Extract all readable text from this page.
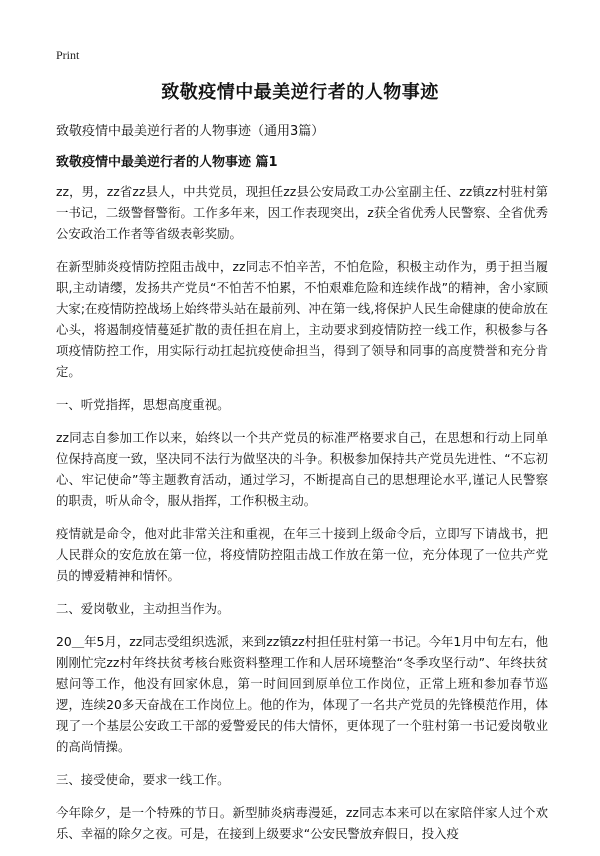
Print
致敬疫情中最美逆行者的人物事迹
致敬疫情中最美逆行者的人物事迹（通用3篇）
致敬疫情中最美逆行者的人物事迹 篇1

zz，男，zz省zz县人，中共党员，现担任zz县公安局政工办公室副主任、zz镇zz村驻村第一书记，二级警督警衔。工作多年来，因工作表现突出，z获全省优秀人民警察、全省优秀公安政治工作者等省级表彰奖励。

在新型肺炎疫情防控阻击战中，zz同志不怕辛苦，不怕危险，积极主动作为，勇于担当履职,主动请缨，发扬共产党员“不怕苦不怕累，不怕艰难危险和连续作战”的精神，舍小家顾大家;在疫情防控战场上始终带头站在最前列、冲在第一线,将保护人民生命健康的使命放在心头，将遏制疫情蔓延扩散的责任担在肩上，主动要求到疫情防控一线工作，积极参与各项疫情防控工作，用实际行动扛起抗疫使命担当，得到了领导和同事的高度赞誉和充分肯定。

一、听党指挥，思想高度重视。

zz同志自参加工作以来，始终以一个共产党员的标准严格要求自己，在思想和行动上同单位保持高度一致，坚决同不法行为做坚决的斗争。积极参加保持共产党员先进性、“不忘初心、牢记使命”等主题教育活动，通过学习，不断提高自己的思想理论水平,谨记人民警察的职责，听从命令，服从指挥，工作积极主动。

疫情就是命令，他对此非常关注和重视，在年三十接到上级命令后，立即写下请战书，把人民群众的安危放在第一位，将疫情防控阻击战工作放在第一位，充分体现了一位共产党员的博爱精神和情怀。

二、爱岗敬业，主动担当作为。

20＿年5月，zz同志受组织选派，来到zz镇zz村担任驻村第一书记。今年1月中旬左右，他刚刚忙完zz村年终扶贫考核台账资料整理工作和人居环境整治“冬季攻坚行动”、年终扶贫慰问等工作，他没有回家休息，第一时间回到原单位工作岗位，正常上班和参加春节巡逻，连续20多天奋战在工作岗位上。他的作为，体现了一名共产党员的先锋模范作用，体现了一个基层公安政工干部的爱警爱民的伟大情怀，更体现了一个驻村第一书记爱岗敬业的高尚情操。

三、接受使命，要求一线工作。

今年除夕，是一个特殊的节日。新型肺炎病毒漫延，zz同志本来可以在家陪伴家人过个欢乐、幸福的除夕之夜。可是，在接到上级要求“公安民警放弃假日，投入疫
